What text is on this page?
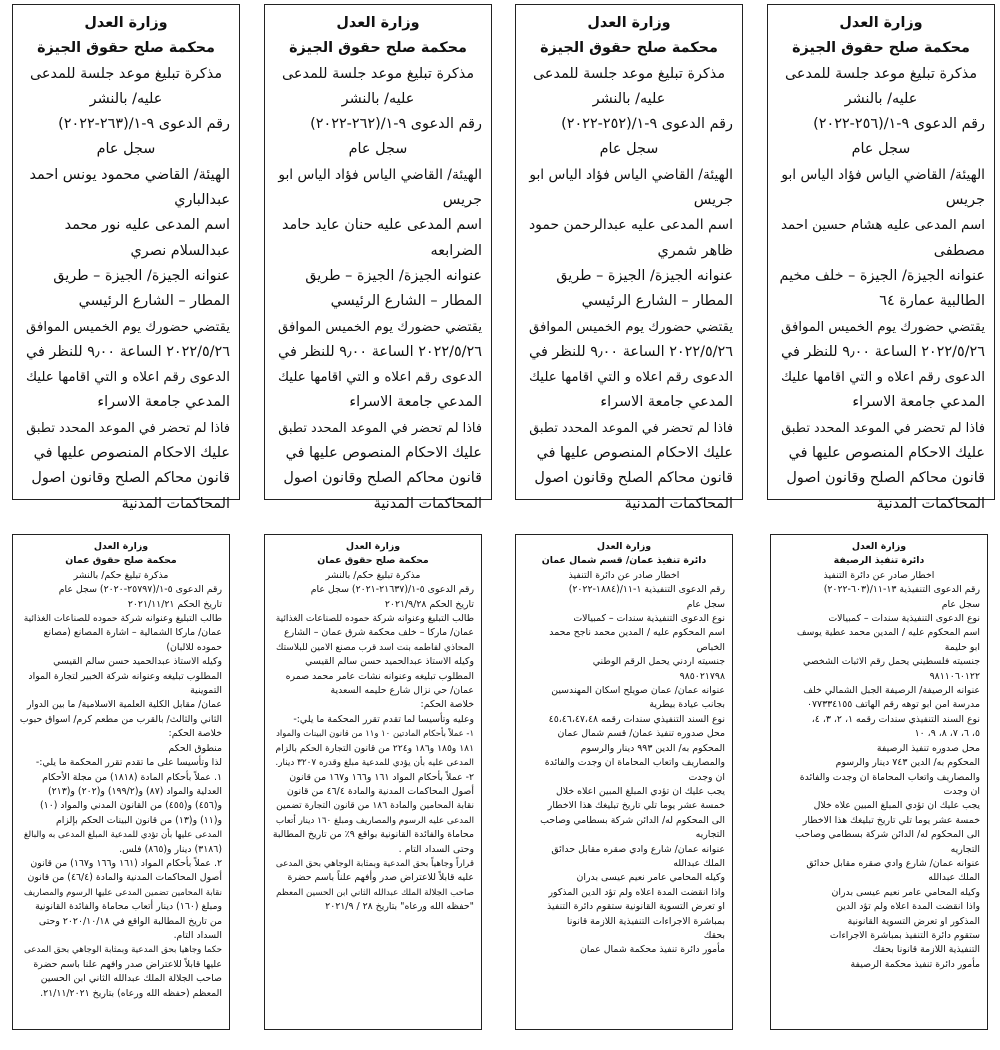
وزارة العدل
محكمة صلح حقوق الجيزة
مذكرة تبليغ موعد جلسة للمدعى
عليه/ بالنشر
رقم الدعوى ٩-١/(٢٥٦-٢٠٢٢)
سجل عام
الهيئة/ القاضي الياس فؤاد الياس ابو
جريس
اسم المدعى عليه هشام حسين احمد
مصطفى
عنوانه الجيزة/ الجيزة – خلف مخيم
الطالبية عمارة ٦٤
يقتضي حضورك يوم الخميس الموافق
٢٠٢٢/٥/٢٦ الساعة ٩٫٠٠ للنظر في
الدعوى رقم اعلاه و التي اقامها عليك
المدعي جامعة الاسراء
فاذا لم تحضر في الموعد المحدد تطبق
عليك الاحكام المنصوص عليها في
قانون محاكم الصلح وقانون اصول
المحاكمات المدنية
وزارة العدل
محكمة صلح حقوق الجيزة
مذكرة تبليغ موعد جلسة للمدعى
عليه/ بالنشر
رقم الدعوى ٩-١/(٢٥٢-٢٠٢٢)
سجل عام
الهيئة/ القاضي الياس فؤاد الياس ابو
جريس
اسم المدعى عليه عبدالرحمن حمود
ظاهر شمري
عنوانه الجيزة/ الجيزة – طريق
المطار – الشارع الرئيسي
يقتضي حضورك يوم الخميس الموافق
٢٠٢٢/٥/٢٦ الساعة ٩٫٠٠ للنظر في
الدعوى رقم اعلاه و التي اقامها عليك
المدعي جامعة الاسراء
فاذا لم تحضر في الموعد المحدد تطبق
عليك الاحكام المنصوص عليها في
قانون محاكم الصلح وقانون اصول
المحاكمات المدنية
وزارة العدل
محكمة صلح حقوق الجيزة
مذكرة تبليغ موعد جلسة للمدعى
عليه/ بالنشر
رقم الدعوى ٩-١/(٢٦٢-٢٠٢٢)
سجل عام
الهيئة/ القاضي الياس فؤاد الياس ابو
جريس
اسم المدعى عليه حنان عايد حامد
الضرابعه
عنوانه الجيزة/ الجيزة – طريق
المطار – الشارع الرئيسي
يقتضي حضورك يوم الخميس الموافق
٢٠٢٢/٥/٢٦ الساعة ٩٫٠٠ للنظر في
الدعوى رقم اعلاه و التي اقامها عليك
المدعي جامعة الاسراء
فاذا لم تحضر في الموعد المحدد تطبق
عليك الاحكام المنصوص عليها في
قانون محاكم الصلح وقانون اصول
المحاكمات المدنية
وزارة العدل
محكمة صلح حقوق الجيزة
مذكرة تبليغ موعد جلسة للمدعى
عليه/ بالنشر
رقم الدعوى ٩-١/(٢٦٣-٢٠٢٢)
سجل عام
الهيئة/ القاضي محمود يونس احمد
عبدالباري
اسم المدعى عليه نور محمد
عبدالسلام نصري
عنوانه الجيزة/ الجيزة – طريق
المطار – الشارع الرئيسي
يقتضي حضورك يوم الخميس الموافق
٢٠٢٢/٥/٢٦ الساعة ٩٫٠٠ للنظر في
الدعوى رقم اعلاه و التي اقامها عليك
المدعي جامعة الاسراء
فاذا لم تحضر في الموعد المحدد تطبق
عليك الاحكام المنصوص عليها في
قانون محاكم الصلح وقانون اصول
المحاكمات المدنية
وزارة العدل
دائرة تنفيذ الرصيفة
اخطار صادر عن دائرة التنفيذ
رقم الدعوى التنفيذية ١٣-١١/(٦٠٣-٢٠٢٢)
سجل عام
نوع الدعوى التنفيذية سندات – كمبيالات
اسم المحكوم عليه / المدين محمد عطية يوسف
ابو حليمة
جنسيته فلسطيني يحمل رقم الاثبات الشخصي
٩٨١١٠٦٠١٢٢
عنوانه الرصيفة/ الرصيفة الجبل الشمالي خلف
مدرسة امن ابو توهه رقم الهاتف ٠٧٧٣٣٤١٥٥
نوع السند التنفيذي سندات رقمه ١، ٢، ٣، ٤،
٥، ٦، ٧، ٨، ٩، ١٠
محل صدوره تنفيذ الرصيفة
المحكوم به/ الدين ٧٤٣ دينار والرسوم
والمصاريف واتعاب المحاماة ان وجدت والفائدة
ان وجدت
يجب عليك ان تؤدي المبلغ المبين علاه خلال
خمسة عشر يوما تلي تاريخ تبليغك هذا الاخطار
الى المحكوم له/ الدائن شركة بسطامي وصاحب
التجاريه
عنوانه عمان/ شارع وادي صقره مقابل حدائق
الملك عبدالله
وكيله المحامي عامر نعيم عيسى بدران
واذا انقضت المدة اعلاه ولم تؤد الدين
المذكور او تعرض التسوية القانونية
ستقوم دائرة التنفيذ بمباشرة الاجراءات
التنفيذية اللازمة قانونا بحقك
مأمور دائرة تنفيذ محكمة الرصيفة
وزارة العدل
دائرة تنفيذ عمان/ قسم شمال عمان
اخطار صادر عن دائرة التنفيذ
رقم الدعوى التنفيذية ١-١١/(١٨٨٤-٢٠٢٢)
سجل عام
نوع الدعوى التنفيذية سندات – كمبيالات
اسم المحكوم عليه / المدين محمد ناجح محمد
الخباص
جنسيته اردني يحمل الرقم الوطني
٩٨٥٠٢١٧٩٨
عنوانه عمان/ عمان صويلح اسكان المهندسين
بجانب عيادة بيطرية
نوع السند التنفيذي سندات رقمه ٤٥،٤٦،٤٧،٤٨
محل صدوره تنفيذ عمان/ قسم شمال عمان
المحكوم به/ الدين ٩٩٣ دينار والرسوم
والمصاريف واتعاب المحاماة ان وجدت والفائدة
ان وجدت
يجب عليك ان تؤدي المبلغ المبين اعلاه خلال
خمسة عشر يوما تلي تاريخ تبليغك هذا الاخطار
الى المحكوم له/ الدائن شركة بسطامي وصاحب
التجاريه
عنوانه عمان/ شارع وادي صقره مقابل حدائق
الملك عبدالله
وكيله المحامي عامر نعيم عيسى بدران
واذا انقضت المدة اعلاه ولم تؤد الدين المذكور
او تعرض التسوية القانونية ستقوم دائرة التنفيذ
بمباشرة الاجراءات التنفيذية اللازمة قانونا
بحقك
مأمور دائرة تنفيذ محكمة شمال عمان
وزارة العدل
محكمة صلح حقوق عمان
مذكرة تبليغ حكم/ بالنشر
رقم الدعوى ٥-١/(٢١٦٣٧-٢٠٢١) سجل عام
تاريخ الحكم ٢٠٢١/٩/٢٨
طالب التبليغ وعنوانه شركة حموده للصناعات الغذائية
عمان/ ماركا – خلف محكمة شرق عمان – الشارع
المحاذي لفاطمه بنت اسد قرب مصنع الامين للبلاستك
وكيله الاستاذ عبدالحميد حسن سالم القيسي
المطلوب تبليغه وعنوانه نشات عامر محمد صمره
عمان/ حي نزال شارع حليمه السعدية
خلاصة الحكم:
وعليه وتأسيسا لما تقدم تقرر المحكمة ما يلي:-
١- عملاً بأحكام المادتين ١٠ و١١ من قانون البينات والمواد
١٨١ و١٨٥ و١٨٦ و٢٢٤ من قانون التجارة الحكم بالزام
المدعى عليه بأن يؤدي للمدعية مبلغ وقدره ٣٢٠٧ دينار.
٢- عملاً بأحكام المواد ١٦١ و١٦٦ و١٦٧ من قانون
أصول المحاكمات المدنية والمادة ٤٦/٤ من قانون
نقابة المحامين والمادة ١٨٦ من قانون التجارة تضمين
المدعى عليه الرسوم والمصاريف ومبلغ ١٦٠ دينار أتعاب
محاماة والفائدة القانونية بواقع ٩٪ من تاريخ المطالبة
وحتى السداد التام .
قراراً وجاهياً بحق المدعية وبمثابة الوجاهي بحق المدعى
عليه قابلاً للاعتراض صدر وأفهم علناً باسم حضرة
صاحب الجلالة الملك عبدالله الثاني ابن الحسين المعظم
"حفظه الله ورعاه" بتاريخ ٢٨ / ٢٠٢١/٩
وزارة العدل
محكمة صلح حقوق عمان
مذكرة تبليغ حكم/ بالنشر
رقم الدعوى ٥-١/(٢٥٧٩٧-٢٠٢٠) سجل عام
تاريخ الحكم ٢٠٢١/١١/٢١
طالب التبليغ وعنوانه شركة حموده للصناعات الغذائية
عمان/ ماركا الشمالية – اشارة المصانع (مصانع
حموده للالبان)
وكيله الاستاذ عبدالحميد حسن سالم القيسي
المطلوب تبليغه وعنوانه شركة الخبير لتجارة المواد
التموينية
عمان/ مقابل الكلية العلمية الاسلامية/ ما بين الدوار
الثاني والثالث/ بالقرب من مطعم كرم/ اسواق حبوب
خلاصة الحكم:
منطوق الحكم
لذا وتأسيسا على ما تقدم تقرر المحكمة ما يلي:-
١. عملاً بأحكام المادة (١٨١٨) من مجلة الأحكام
العدلية والمواد (٨٧) و(١٩٩/٢) و(٢٠٢) و(٢١٣)
و(٤٥٦) و(٤٥٥) من القانون المدني والمواد (١٠)
و(١١) و(١٣) من قانون البينات الحكم بإلزام
المدعى عليها بأن تؤدي للمدعية المبلغ المدعى به والبالغ
(٣١٨٦) دينار و(٨٦٥) فلس.
٢. عملاً بأحكام المواد (١٦١ و١٦٦ و١٦٧) من قانون
أصول المحاكمات المدنية والمادة (٤٦/٤) من قانون
نقابة المحامين تضمين المدعى عليها الرسوم والمصاريف
ومبلغ (١٦٠) دينار أتعاب محاماة والفائدة القانونية
من تاريخ المطالبة الواقع في ٢٠٢٠/١٠/١٨ وحتى
السداد التام.
حكما وجاهيا بحق المدعية وبمثابة الوجاهي بحق المدعى
عليها قابلاً للاعتراض صدر وافهم علنا باسم حضرة
صاحب الجلالة الملك عبدالله الثاني ابن الحسين
المعظم (حفظه الله ورعاه) بتاريخ ٢١/١١/٢٠٢١.
